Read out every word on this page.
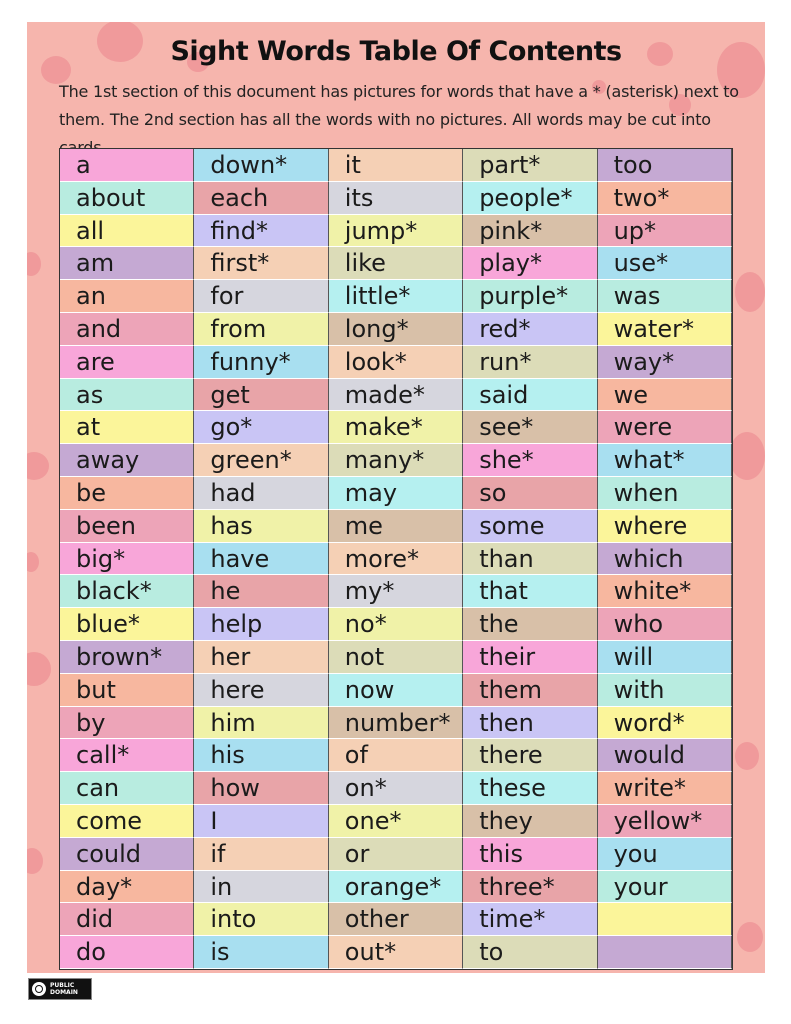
Sight Words Table Of Contents
The 1st section of this document has pictures for words that have a * (asterisk) next to them. The 2nd section has all the words with no pictures. All words may be cut into
a
about
all
am
an
and
are
as
at
away
be
been
big*
black*
blue*
brown*
but
by
call*
can
come
could
day*
did
do
down*
each
find*
first*
for
from
funny*
get
go*
green*
had
has
have
he
help
her
here
him
his
how
I
if
in
into
is
it
its
jump*
like
little*
long*
look*
made*
make*
many*
may
me
more*
my*
no*
not
now
number*
of
on*
one*
or
orange*
other
out*
part*
people*
pink*
play*
purple*
red*
run*
said
see*
she*
so
some
than
that
the
their
them
then
there
these
they
this
three*
time*
to
too
two*
up*
use*
was
water*
way*
we
were
what*
when
where
which
white*
who
will
with
word*
would
write*
yellow*
you
your
PUBLIC
DOMAIN
